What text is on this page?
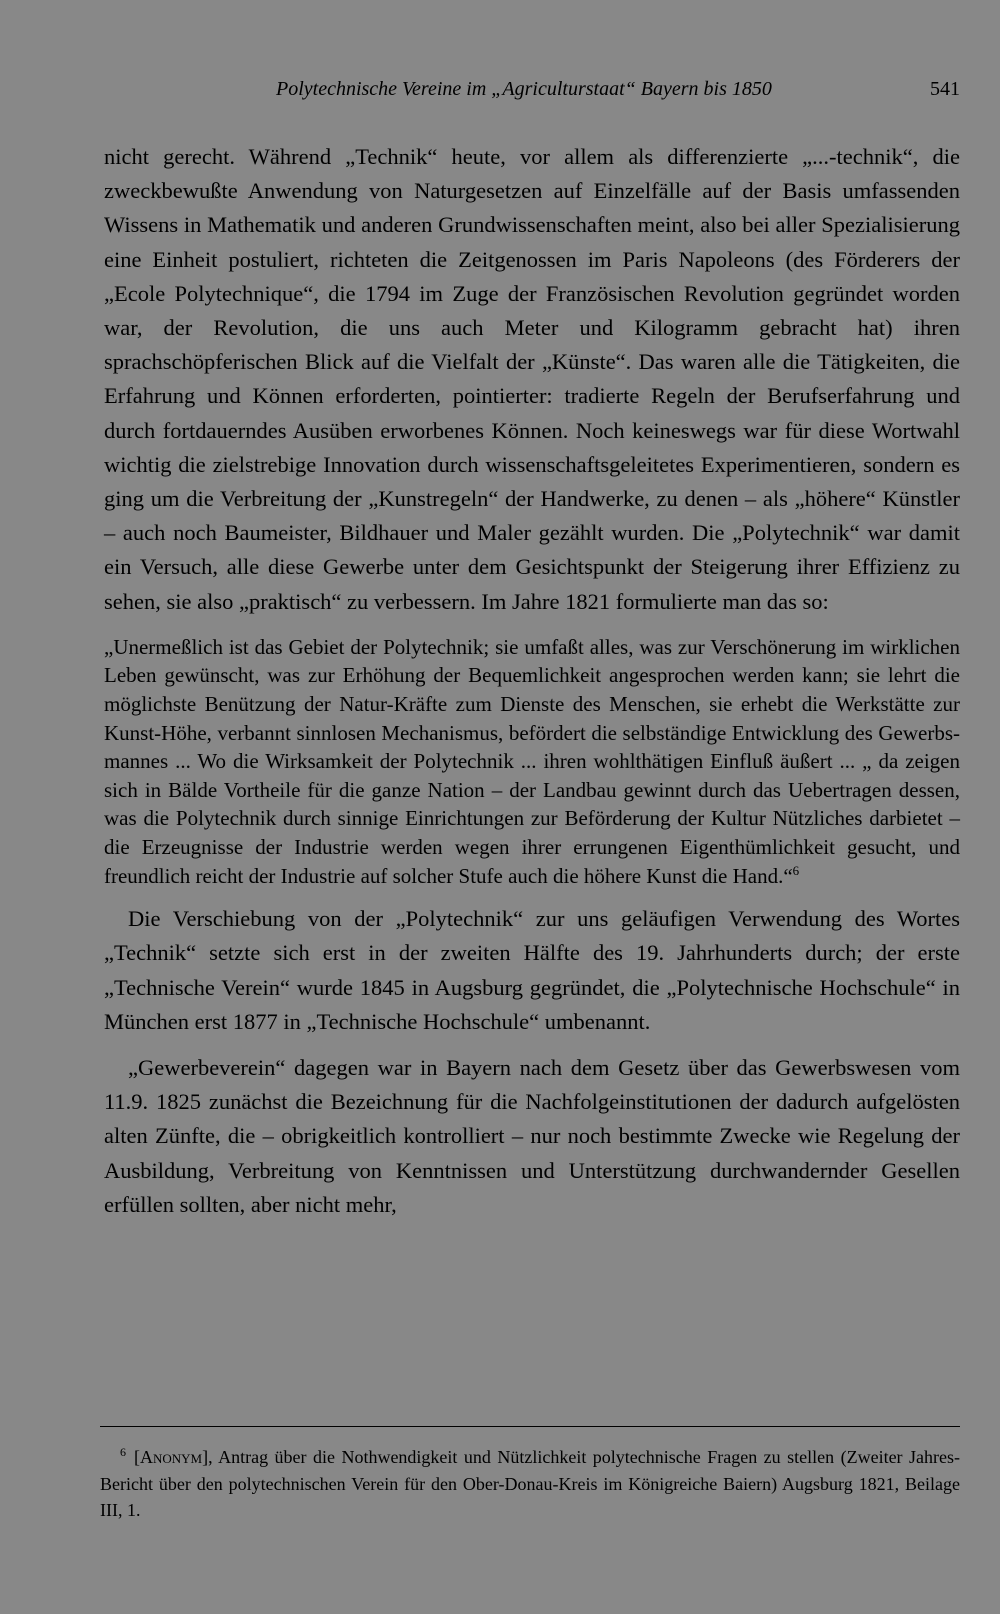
Polytechnische Vereine im „Agriculturstaat“ Bayern bis 1850	541

nicht gerecht. Während „Technik“ heute, vor allem als differenzierte „...-technik“, die zweckbewußte Anwendung von Naturgesetzen auf Einzelfälle auf der Basis umfassenden Wissens in Mathematik und anderen Grundwissenschaften meint, also bei aller Spezialisierung eine Einheit postuliert, richteten die Zeitgenossen im Paris Napoleons (des Förderers der „Ecole Polytechnique“, die 1794 im Zuge der Französischen Revolution gegründet worden war, der Revolution, die uns auch Meter und Kilogramm gebracht hat) ihren sprachschöpferischen Blick auf die Vielfalt der „Künste“. Das waren alle die Tätigkeiten, die Erfahrung und Können erforderten, pointierter: tradierte Regeln der Berufserfahrung und durch fortdauerndes Ausüben erworbenes Können. Noch keineswegs war für diese Wortwahl wichtig die zielstrebige Innovation durch wissenschaftsgeleitetes Experimentieren, sondern es ging um die Verbreitung der „Kunstregeln“ der Handwerke, zu denen – als „höhere“ Künstler – auch noch Baumeister, Bildhauer und Maler gezählt wurden. Die „Polytechnik“ war damit ein Versuch, alle diese Gewerbe unter dem Gesichtspunkt der Steigerung ihrer Effizienz zu sehen, sie also „praktisch“ zu verbessern. Im Jahre 1821 formulierte man das so:

„Unermeßlich ist das Gebiet der Polytechnik; sie umfaßt alles, was zur Verschönerung im wirklichen Leben gewünscht, was zur Erhöhung der Bequemlichkeit angesprochen werden kann; sie lehrt die möglichste Benützung der Natur-Kräfte zum Dienste des Menschen, sie erhebt die Werkstätte zur Kunst-Höhe, verbannt sinnlosen Mechanismus, befördert die selbständige Entwicklung des Gewerbsmannes ... Wo die Wirksamkeit der Polytechnik ... ihren wohlthätigen Einfluß äußert ... „ da zeigen sich in Bälde Vortheile für die ganze Nation – der Landbau gewinnt durch das Uebertragen dessen, was die Polytechnik durch sinnige Einrichtungen zur Beförderung der Kultur Nützliches darbietet – die Erzeugnisse der Industrie werden wegen ihrer errungenen Eigenthümlichkeit gesucht, und freundlich reicht der Industrie auf solcher Stufe auch die höhere Kunst die Hand.“$^6$

Die Verschiebung von der „Polytechnik“ zur uns geläufigen Verwendung des Wortes „Technik“ setzte sich erst in der zweiten Hälfte des 19. Jahrhunderts durch; der erste „Technische Verein“ wurde 1845 in Augsburg gegründet, die „Polytechnische Hochschule“ in München erst 1877 in „Technische Hochschule“ umbenannt.

„Gewerbeverein“ dagegen war in Bayern nach dem Gesetz über das Gewerbswesen vom 11.9. 1825 zunächst die Bezeichnung für die Nachfolgeinstitutionen der dadurch aufgelösten alten Zünfte, die – obrigkeitlich kontrolliert – nur noch bestimmte Zwecke wie Regelung der Ausbildung, Verbreitung von Kenntnissen und Unterstützung durchwandernder Gesellen erfüllen sollten, aber nicht mehr,

$^6$ [Anonym], Antrag über die Nothwendigkeit und Nützlichkeit polytechnische Fragen zu stellen (Zweiter Jahres-Bericht über den polytechnischen Verein für den Ober-Donau-Kreis im Königreiche Baiern) Augsburg 1821, Beilage III, 1.
